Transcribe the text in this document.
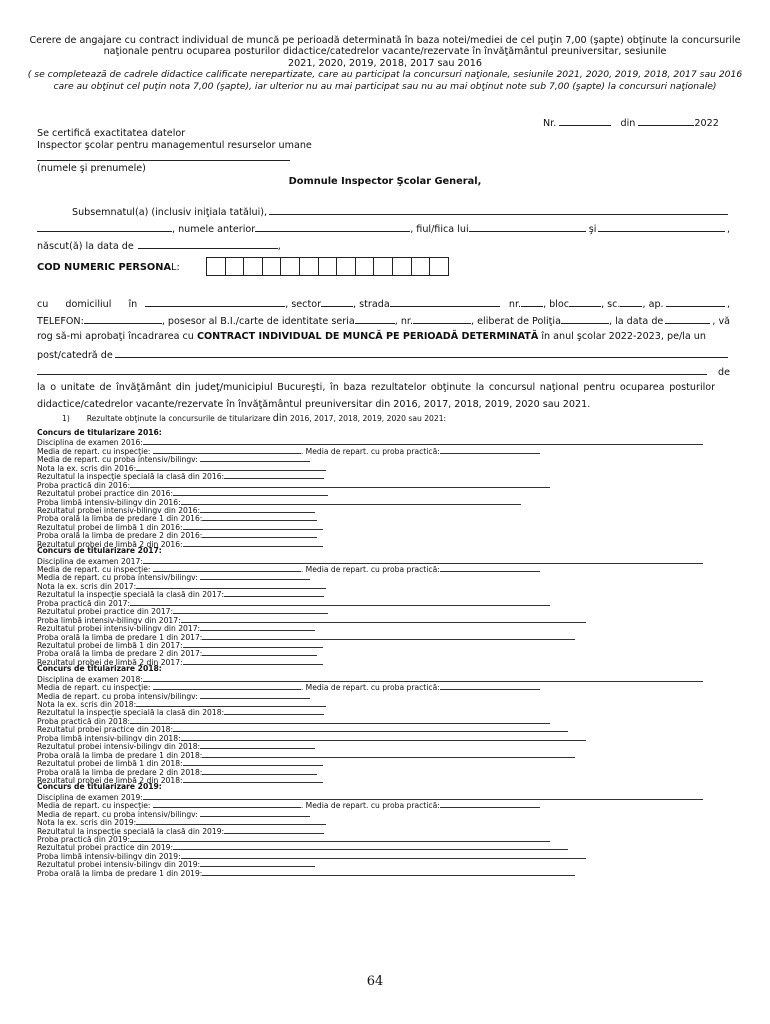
Cerere de angajare cu contract individual de muncă pe perioadă determinată în baza notei/mediei de cel puţin 7,00 (şapte) obţinute la concursurile
naţionale pentru ocuparea posturilor didactice/catedrelor vacante/rezervate în învăţământul preuniversitar, sesiunile
2021, 2020, 2019, 2018, 2017 sau 2016
( se completează de cadrele didactice calificate nerepartizate, care au participat la concursuri naţionale, sesiunile 2021, 2020, 2019, 2018, 2017 sau 2016
care au obţinut cel puţin nota 7,00 (şapte), iar ulterior nu au mai participat sau nu au mai obţinut note sub 7,00 (şapte) la concursuri naţionale)
Nr.	din	2022
Se certifică exactitatea datelor
Inspector şcolar pentru managementul resurselor umane
(numele şi prenumele)
Domnule Inspector Şcolar General,
Subsemnatul(a) (inclusiv iniţiala tatălui),
, numele anterior	, fiul/fiica lui
	şi	,
născut(ă) la data de	,
COD NUMERIC PERSONAL:
cu domiciliul în	, sector	, strada
	nr. , bloc	, sc. , ap.	,
TELEFON:	, posesor al B.I./carte de identitate seria	, nr.	, eliberat de Poliţia	, la data de	, vă
rog să-mi aprobaţi încadrarea cu
CONTRACT INDIVIDUAL DE MUNCĂ PE PERIOADĂ DETERMINATĂ
în anul şcolar 2022-2023, pe/la un
post/catedră de

de
la o unitate de învăţământ din judeţ/municipiul Bucureşti, în baza rezultatelor obţinute la concursul naţional pentru ocuparea posturilor
didactice/catedrelor vacante/rezervate în învăţământul preuniversitar din 2016, 2017, 2018, 2019, 2020 sau 2021.
1) Rezultate obţinute la concursurile de titularizare din 2016, 2017, 2018, 2019, 2020 sau 2021:
Concurs de titularizare 2016:
Disciplina de examen 2016:
Media de repart. cu inspecţie:	. Media de repart. cu proba practică:
Media de repart. cu proba intensiv/bilingv:
Nota la ex. scris din 2016:
Rezultatul la inspecţie specială la clasă din 2016:
Proba practică din 2016:
Rezultatul probei practice din 2016:
Proba limbă intensiv-bilingv din 2016:
Rezultatul probei intensiv-bilingv din 2016:
Proba orală la limba de predare 1 din 2016:
Rezultatul probei de limbă 1 din 2016:
Proba orală la limba de predare 2 din 2016:
Rezultatul probei de limbă 2 din 2016:
Concurs de titularizare 2017:
Disciplina de examen 2017:
Media de repart. cu inspecţie:	. Media de repart. cu proba practică:
Media de repart. cu proba intensiv/bilingv:
Nota la ex. scris din 2017:
Rezultatul la inspecţie specială la clasă din 2017:
Proba practică din 2017:
Rezultatul probei practice din 2017:
Proba limbă intensiv-bilingv din 2017:
Rezultatul probei intensiv-bilingv din 2017:
Proba orală la limba de predare 1 din 2017:
Rezultatul probei de limbă 1 din 2017:
Proba orală la limba de predare 2 din 2017:
Rezultatul probei de limbă 2 din 2017:
Concurs de titularizare 2018:
Disciplina de examen 2018:
Media de repart. cu inspecţie:	. Media de repart. cu proba practică:
Media de repart. cu proba intensiv/bilingv:
Nota la ex. scris din 2018:
Rezultatul la inspecţie specială la clasă din 2018:
Proba practică din 2018:
Rezultatul probei practice din 2018:
Proba limbă intensiv-bilingv din 2018:
Rezultatul probei intensiv-bilingv din 2018:
Proba orală la limba de predare 1 din 2018:
Rezultatul probei de limbă 1 din 2018:
Proba orală la limba de predare 2 din 2018:
Rezultatul probei de limbă 2 din 2018:
Concurs de titularizare 2019:
Disciplina de examen 2019:
Media de repart. cu inspecţie:	. Media de repart. cu proba practică:
Media de repart. cu proba intensiv/bilingv:
Nota la ex. scris din 2019:
Rezultatul la inspecţie specială la clasă din 2019:
Proba practică din 2019:
Rezultatul probei practice din 2019:
Proba limbă intensiv-bilingv din 2019:
Rezultatul probei intensiv-bilingv din 2019:
Proba orală la limba de predare 1 din 2019:
64
